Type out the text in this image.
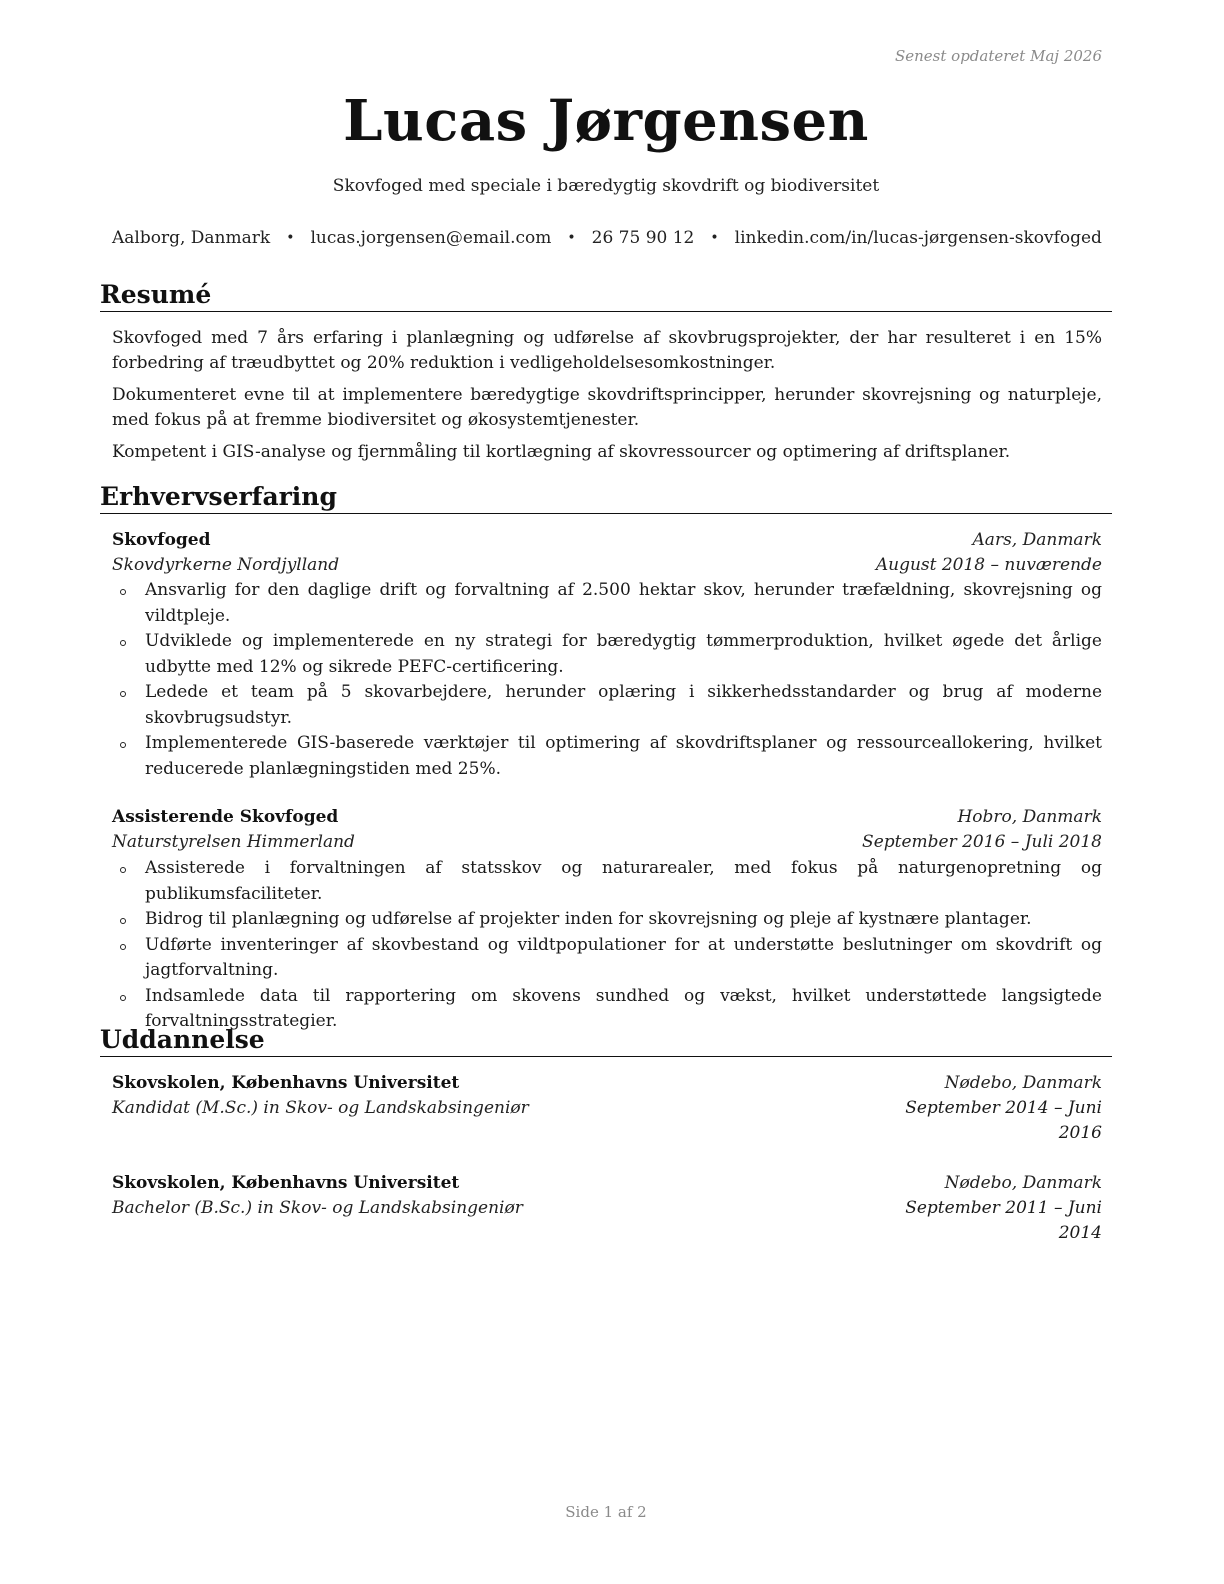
Senest opdateret Maj 2026
Lucas Jørgensen
Skovfoged med speciale i bæredygtig skovdrift og biodiversitet
Aalborg, Danmark • lucas.jorgensen@email.com • 26 75 90 12 • linkedin.com/in/lucas-jørgensen-skovfoged
Resumé
Skovfoged med 7 års erfaring i planlægning og udførelse af skovbrugsprojekter, der har resulteret i en 15% forbedring af træudbyttet og 20% reduktion i vedligeholdelsesomkostninger.
Dokumenteret evne til at implementere bæredygtige skovdriftsprincipper, herunder skovrejsning og naturpleje, med fokus på at fremme biodiversitet og økosystemtjenester.
Kompetent i GIS-analyse og fjernmåling til kortlægning af skovressourcer og optimering af driftsplaner.
Erhvervserfaring
Skovfoged	Aars, Danmark
Skovdyrkerne Nordjylland	August 2018 – nuværende
Ansvarlig for den daglige drift og forvaltning af 2.500 hektar skov, herunder træfældning, skovrejsning og vildtpleje.
Udviklede og implementerede en ny strategi for bæredygtig tømmerproduktion, hvilket øgede det årlige udbytte med 12% og sikrede PEFC-certificering.
Ledede et team på 5 skovarbejdere, herunder oplæring i sikkerhedsstandarder og brug af moderne skovbrugsudstyr.
Implementerede GIS-baserede værktøjer til optimering af skovdriftsplaner og ressourceallokering, hvilket reducerede planlægningstiden med 25%.
Assisterende Skovfoged	Hobro, Danmark
Naturstyrelsen Himmerland	September 2016 – Juli 2018
Assisterede i forvaltningen af statsskov og naturarealer, med fokus på naturgenopretning og publikumsfaciliteter.
Bidrog til planlægning og udførelse af projekter inden for skovrejsning og pleje af kystnære plantager.
Udførte inventeringer af skovbestand og vildtpopulationer for at understøtte beslutninger om skovdrift og jagtforvaltning.
Indsamlede data til rapportering om skovens sundhed og vækst, hvilket understøttede langsigtede forvaltningsstrategier.
Uddannelse
Skovskolen, Københavns Universitet	Nødebo, Danmark
Kandidat (M.Sc.) in Skov- og Landskabsingeniør	September 2014 – Juni 2016
Skovskolen, Københavns Universitet	Nødebo, Danmark
Bachelor (B.Sc.) in Skov- og Landskabsingeniør	September 2011 – Juni 2014
Side 1 af 2
